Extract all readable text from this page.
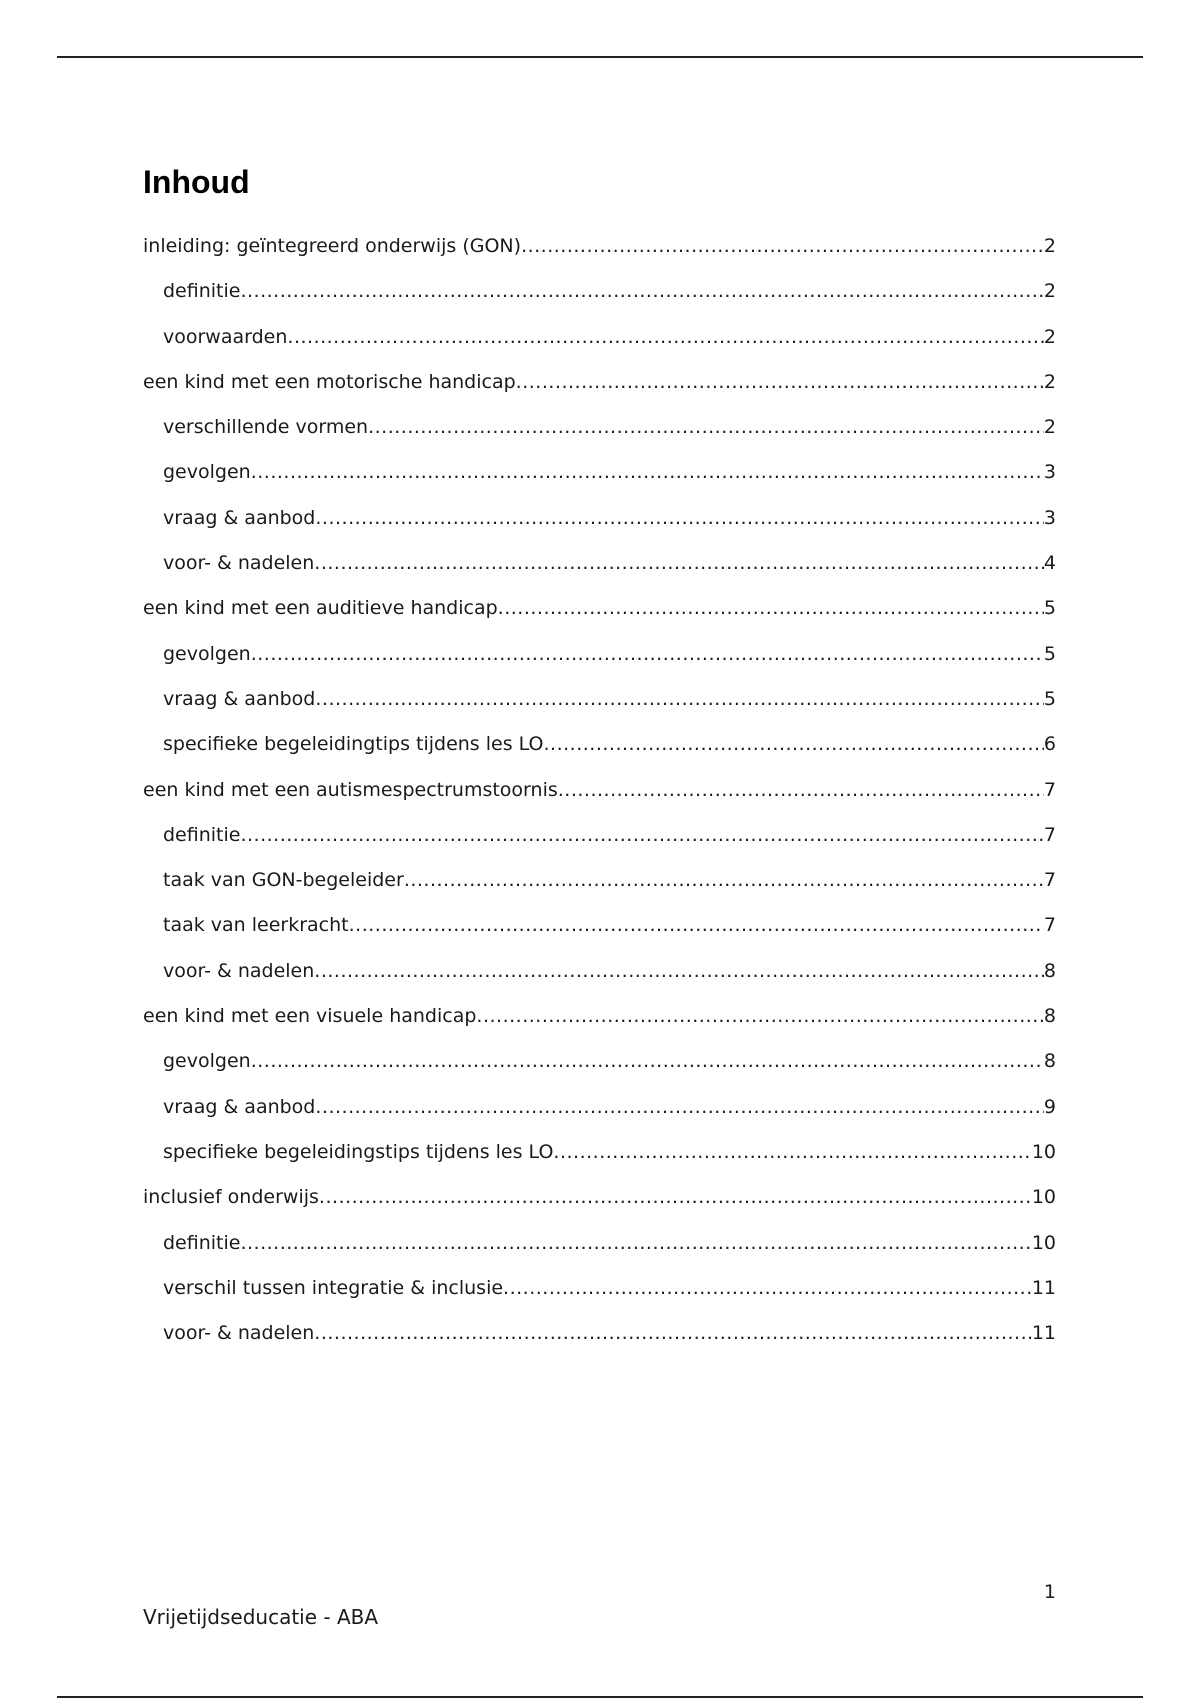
Inhoud
inleiding: geïntegreerd onderwijs (GON) .....	2
definitie .....	2
voorwaarden .....	2
een kind met een motorische handicap .....	2
verschillende vormen .....	2
gevolgen .....	3
vraag & aanbod .....	3
voor- & nadelen .....	4
een kind met een auditieve handicap .....	5
gevolgen .....	5
vraag & aanbod .....	5
specifieke begeleidingtips tijdens les LO .....	6
een kind met een autismespectrumstoornis .....	7
definitie .....	7
taak van GON-begeleider .....	7
taak van leerkracht .....	7
voor- & nadelen .....	8
een kind met een visuele handicap .....	8
gevolgen .....	8
vraag & aanbod .....	9
specifieke begeleidingstips tijdens les LO .....	10
inclusief onderwijs .....	10
definitie .....	10
verschil tussen integratie & inclusie .....	11
voor- & nadelen .....	11
1
Vrijetijdseducatie - ABA
